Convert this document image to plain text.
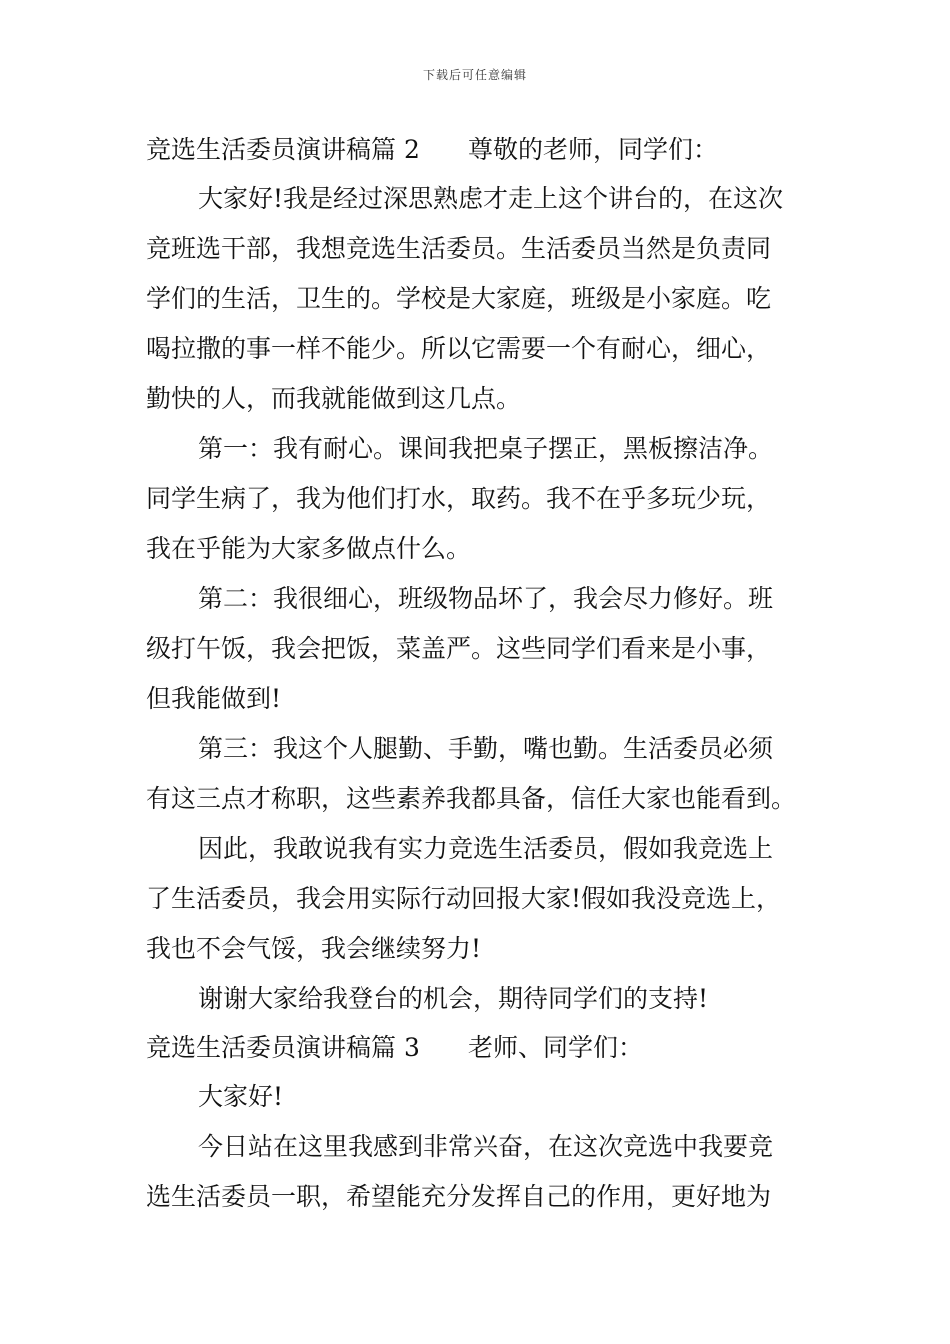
下载后可任意编辑
竞选生活委员演讲稿篇 2 尊敬的老师，同学们：
大家好!我是经过深思熟虑才走上这个讲台的，在这次
竞班选干部，我想竞选生活委员。生活委员当然是负责同
学们的生活，卫生的。学校是大家庭，班级是小家庭。吃
喝拉撒的事一样不能少。所以它需要一个有耐心，细心，
勤快的人，而我就能做到这几点。
第一：我有耐心。课间我把桌子摆正，黑板擦洁净。
同学生病了，我为他们打水，取药。我不在乎多玩少玩，
我在乎能为大家多做点什么。
第二：我很细心，班级物品坏了，我会尽力修好。班
级打午饭，我会把饭，菜盖严。这些同学们看来是小事，
但我能做到!
第三：我这个人腿勤、手勤，嘴也勤。生活委员必须
有这三点才称职，这些素养我都具备，信任大家也能看到。
因此，我敢说我有实力竞选生活委员，假如我竞选上
了生活委员，我会用实际行动回报大家!假如我没竞选上，
我也不会气馁，我会继续努力!
谢谢大家给我登台的机会，期待同学们的支持!
竞选生活委员演讲稿篇 3 老师、同学们：
大家好!
今日站在这里我感到非常兴奋，在这次竞选中我要竞
选生活委员一职，希望能充分发挥自己的作用，更好地为
